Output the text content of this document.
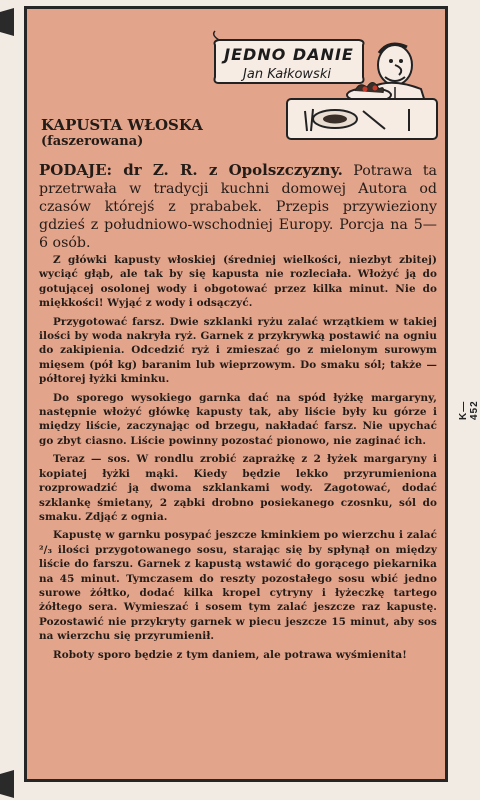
JEDNO DANIE
Jan Kałkowski
KAPUSTA WŁOSKA
(faszerowana)

PODAJE: dr Z. R. z Opolszczyzny. Potrawa ta przetrwała w tradycji kuchni domowej Autora od czasów którejś z prababek. Przepis przywieziony gdzieś z południowo-wschodniej Europy. Porcja na 5—6 osób.

Z główki kapusty włoskiej (średniej wielkości, niezbyt zbitej) wyciąć głąb, ale tak by się kapusta nie rozleciała. Włożyć ją do gotującej osolonej wody i obgotować przez kilka minut. Nie do miękkości! Wyjąć z wody i odsączyć.

Przygotować farsz. Dwie szklanki ryżu zalać wrzątkiem w takiej ilości by woda nakryła ryż. Garnek z przykrywką postawić na ogniu do zakipienia. Odcedzić ryż i zmieszać go z mielonym surowym mięsem (pół kg) baranim lub wieprzowym. Do smaku sól; także — półtorej łyżki kminku.

Do sporego wysokiego garnka dać na spód łyżkę margaryny, następnie włożyć główkę kapusty tak, aby liście były ku górze i między liście, zaczynając od brzegu, nakładać farsz. Nie upychać go zbyt ciasno. Liście powinny pozostać pionowo, nie zaginać ich.

Teraz — sos. W rondlu zrobić zaprażkę z 2 łyżek margaryny i kopiatej łyżki mąki. Kiedy będzie lekko przyrumieniona rozprowadzić ją dwoma szklankami wody. Zagotować, dodać szklankę śmietany, 2 ząbki drobno posiekanego czosnku, sól do smaku. Zdjąć z ognia.

Kapustę w garnku posypać jeszcze kminkiem po wierzchu i zalać ²/₃ ilości przygotowanego sosu, starając się by spłynął on między liście do farszu. Garnek z kapustą wstawić do gorącego piekarnika na 45 minut. Tymczasem do reszty pozostałego sosu wbić jedno surowe żółtko, dodać kilka kropel cytryny i łyżeczkę tartego żółtego sera. Wymieszać i sosem tym zalać jeszcze raz kapustę. Pozostawić nie przykryty garnek w piecu jeszcze 15 minut, aby sos na wierzchu się przyrumienił.

Roboty sporo będzie z tym daniem, ale potrawa wyśmienita!

K—452
